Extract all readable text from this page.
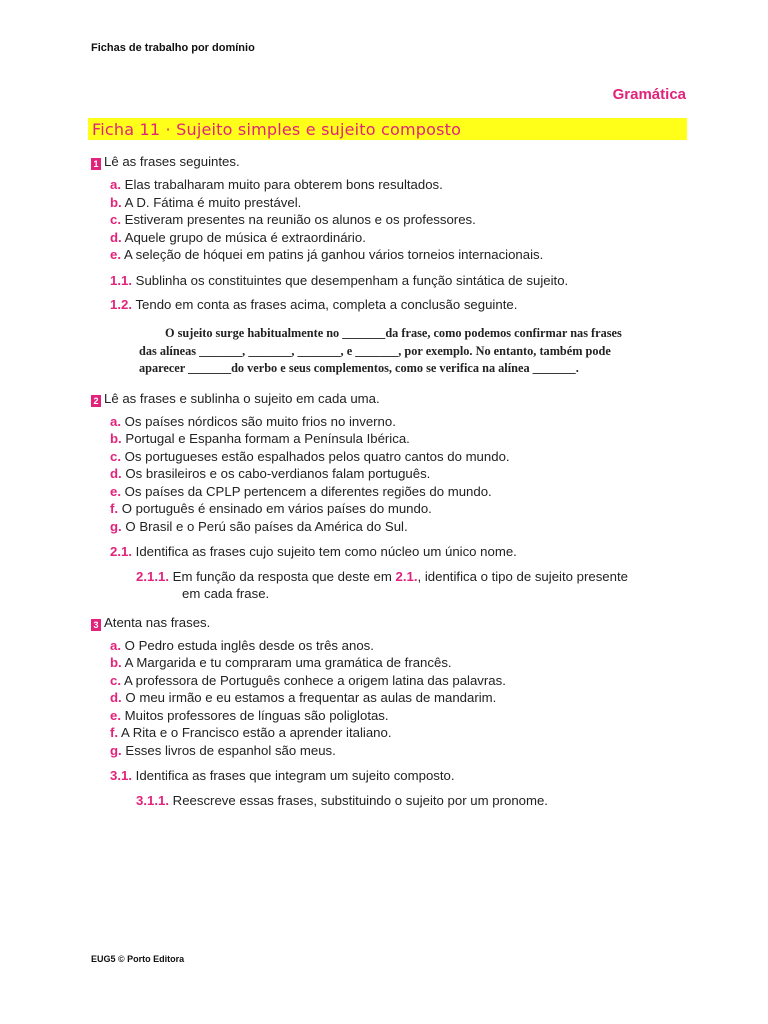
Fichas de trabalho por domínio
Gramática
Ficha 11 · Sujeito simples e sujeito composto
1 Lê as frases seguintes.
a. Elas trabalharam muito para obterem bons resultados.
b. A D. Fátima é muito prestável.
c. Estiveram presentes na reunião os alunos e os professores.
d. Aquele grupo de música é extraordinário.
e. A seleção de hóquei em patins já ganhou vários torneios internacionais.
1.1. Sublinha os constituintes que desempenham a função sintática de sujeito.
1.2. Tendo em conta as frases acima, completa a conclusão seguinte.
O sujeito surge habitualmente no _______da frase, como podemos confirmar nas frases
das alíneas _______, _______, _______, e _______, por exemplo. No entanto, também pode
aparecer _______do verbo e seus complementos, como se verifica na alínea _______.
2 Lê as frases e sublinha o sujeito em cada uma.
a. Os países nórdicos são muito frios no inverno.
b. Portugal e Espanha formam a Península Ibérica.
c. Os portugueses estão espalhados pelos quatro cantos do mundo.
d. Os brasileiros e os cabo-verdianos falam português.
e. Os países da CPLP pertencem a diferentes regiões do mundo.
f. O português é ensinado em vários países do mundo.
g. O Brasil e o Perú são países da América do Sul.
2.1. Identifica as frases cujo sujeito tem como núcleo um único nome.
2.1.1. Em função da resposta que deste em 2.1., identifica o tipo de sujeito presente
em cada frase.
3 Atenta nas frases.
a. O Pedro estuda inglês desde os três anos.
b. A Margarida e tu compraram uma gramática de francês.
c. A professora de Português conhece a origem latina das palavras.
d. O meu irmão e eu estamos a frequentar as aulas de mandarim.
e. Muitos professores de línguas são poliglotas.
f. A Rita e o Francisco estão a aprender italiano.
g. Esses livros de espanhol são meus.
3.1. Identifica as frases que integram um sujeito composto.
3.1.1. Reescreve essas frases, substituindo o sujeito por um pronome.
EUG5 © Porto Editora
